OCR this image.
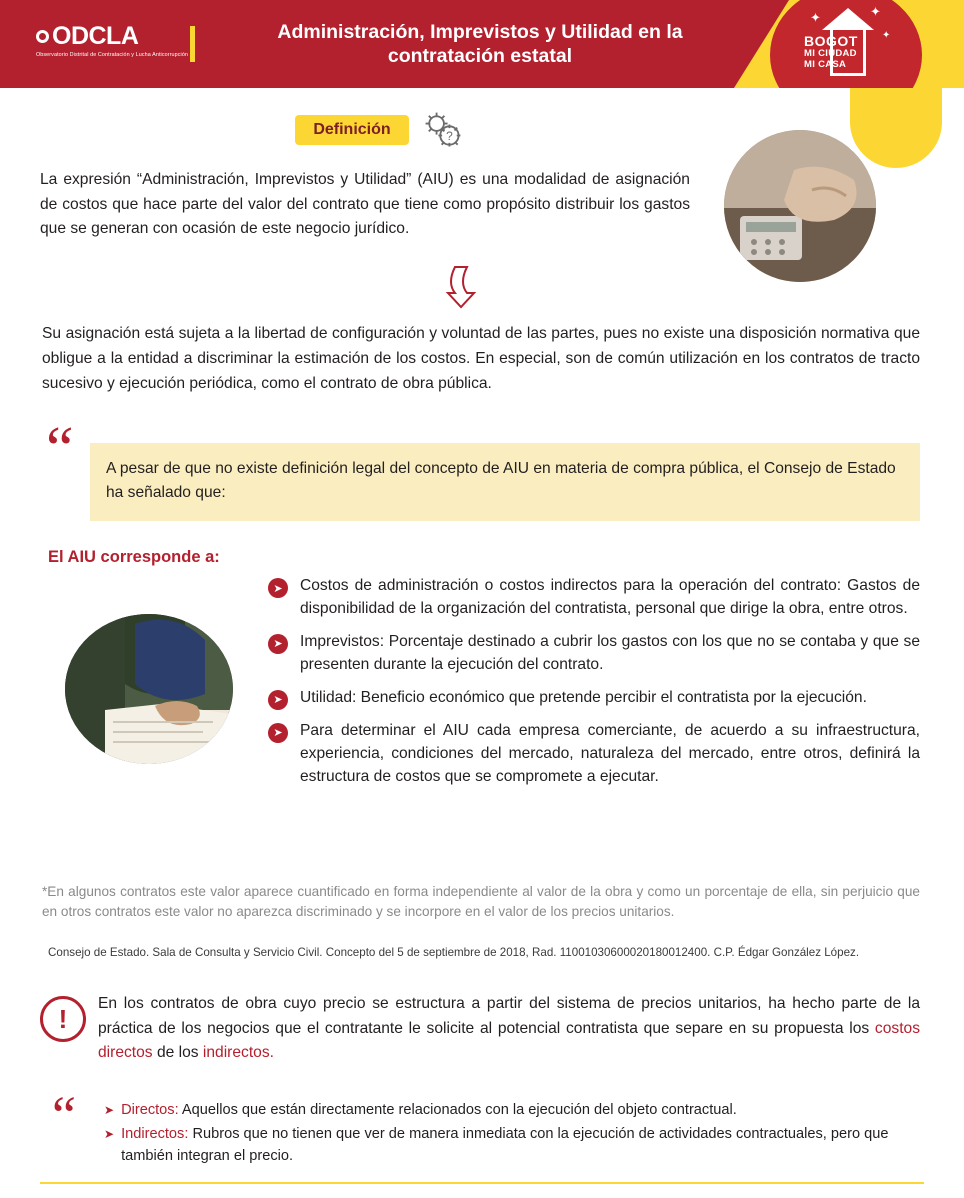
ODCLA
Observatorio Distrital de Contratación y Lucha Anticorrupción
Administración, Imprevistos y Utilidad en la contratación estatal
✦	✦
✦
BOGOT
MI CIUDAD
MI CASA
Definición	?
La expresión “Administración, Imprevistos y Utilidad” (AIU) es una modalidad de asignación de costos que hace parte del valor del contrato que tiene como propósito distribuir los gastos que se generan con ocasión de este negocio jurídico.
Su asignación está sujeta a la libertad de configuración y voluntad de las partes, pues no existe una disposición normativa que obligue a la entidad a discriminar la estimación de los costos. En especial, son de común utilización en los contratos de tracto sucesivo y ejecución periódica, como el contrato de obra pública.
“	A pesar de que no existe definición legal del concepto de AIU en materia de compra pública, el Consejo de Estado ha señalado que:
El AIU corresponde a:
➤	Costos de administración o costos indirectos para la operación del contrato: Gastos de disponibilidad de la organización del contratista, personal que dirige la obra, entre otros.
➤	Imprevistos: Porcentaje destinado a cubrir los gastos con los que no se contaba y que se presenten durante la ejecución del contrato.
➤	Utilidad: Beneficio económico que pretende percibir el contratista por la ejecución.
➤	Para determinar el AIU cada empresa comerciante, de acuerdo a su infraestructura, experiencia, condiciones del mercado, naturaleza del mercado, entre otros, definirá la estructura de costos que se compromete a ejecutar.
*En algunos contratos este valor aparece cuantificado en forma independiente al valor de la obra y como un porcentaje de ella, sin perjuicio que en otros contratos este valor no aparezca discriminado y se incorpore en el valor de los precios unitarios.
Consejo de Estado. Sala de Consulta y Servicio Civil. Concepto del 5 de septiembre de 2018, Rad. 11001030600020180012400. C.P. Édgar González López.
!	En los contratos de obra cuyo precio se estructura a partir del sistema de precios unitarios, ha hecho parte de la práctica de los negocios que el contratante le solicite al potencial contratista que separe en su propuesta los costos directos de los indirectos.
“ ➤ Directos: Aquellos que están directamente relacionados con la ejecución del objeto contractual.
➤ Indirectos: Rubros que no tienen que ver de manera inmediata con la ejecución de actividades contractuales, pero que también integran el precio.
